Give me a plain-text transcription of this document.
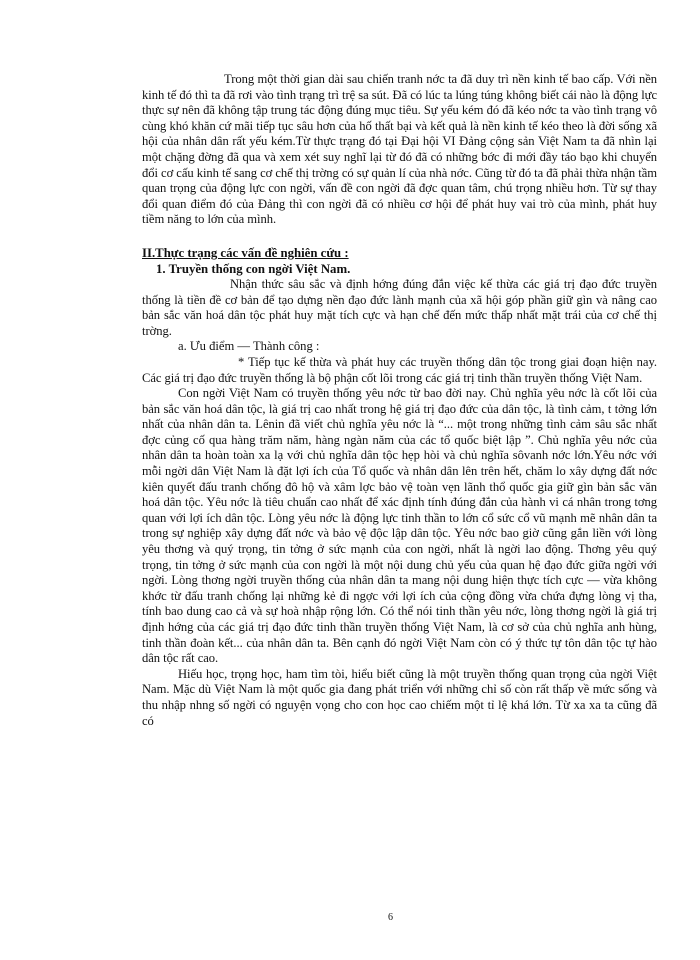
Trong một thời gian dài sau chiến tranh nớc ta đã duy trì nền kinh tế bao cấp. Với nền kinh tế đó thì ta đã rơi vào tình trạng trì trệ sa sút. Đã có lúc ta lúng túng không biết cái nào là động lực thực sự nên đã không tập trung tác động đúng mục tiêu. Sự yếu kém đó đã kéo nớc ta vào tình trạng vô cùng khó khăn cứ mãi tiếp tục sâu hơn của hố thất bại và kết quả là nền kinh tế kéo theo là đời sống xã hội của nhân dân rất yếu kém.Từ thực trạng đó tại Đại hội VI Đảng cộng sản Việt Nam ta đã nhìn lại một chặng đờng đã qua và xem xét suy nghĩ lại từ đó đã có những bớc đi mới đầy táo bạo khi chuyển đổi cơ cấu kinh tế sang cơ chế thị trờng có sự quản lí của nhà nớc. Cũng từ đó ta đã phải thừa nhận tầm quan trọng của động lực con ngời, vấn đề con ngời đã đợc quan tâm, chú trọng nhiều hơn. Từ sự thay đổi quan điểm đó của Đảng thì con ngời đã có nhiều cơ hội để phát huy vai trò của mình, phát huy tiềm năng to lớn của mình.

II.Thực trạng các vấn đề nghiên cứu :

1. Truyền thống con ngời Việt Nam.

Nhận thức sâu sắc và định hớng đúng đắn việc kế thừa các giá trị đạo đức truyền thống là tiền đề cơ bản để tạo dựng nền đạo đức lành mạnh của xã hội góp phần giữ gìn và nâng cao bản sắc văn hoá dân tộc phát huy mặt tích cực và hạn chế đến mức thấp nhất mặt trái của cơ chế thị trờng.

a. Ưu điểm — Thành công :

* Tiếp tục kế thừa và phát huy các truyền thống dân tộc trong giai đoạn hiện nay. Các giá trị đạo đức truyền thống là bộ phận cốt lõi trong các giá trị tinh thần truyền thống Việt Nam.

Con ngời Việt Nam có truyền thống yêu nớc từ bao đời nay. Chủ nghĩa yêu nớc là cốt lõi của bản sắc văn hoá dân tộc, là giá trị cao nhất trong hệ giá trị đạo đức của dân tộc, là tình cảm, t tởng lớn nhất của nhân dân ta. Lênin đã viết chủ nghĩa yêu nớc là “... một trong những tình cảm sâu sắc nhất đợc củng cố qua hàng trăm năm, hàng ngàn năm của các tổ quốc biệt lập ”. Chủ nghĩa yêu nớc của nhân dân ta hoàn toàn xa lạ với chủ nghĩa dân tộc hẹp hòi và chủ nghĩa sôvanh nớc lớn.Yêu nớc với mỗi ngời dân Việt Nam là đặt lợi ích của Tổ quốc và nhân dân lên trên hết, chăm lo xây dựng đất nớc kiên quyết đấu tranh chống đô hộ và xâm lợc bảo vệ toàn vẹn lãnh thổ quốc gia giữ gìn bản sắc văn hoá dân tộc. Yêu nớc là tiêu chuẩn cao nhất để xác định tính đúng đắn của hành vi cá nhân trong tơng quan với lợi ích dân tộc. Lòng yêu nớc là động lực tinh thần to lớn cổ sức cổ vũ mạnh mẽ nhân dân ta trong sự nghiệp xây dựng đất nớc và bảo vệ độc lập dân tộc. Yêu nớc bao giờ cũng gắn liền với lòng yêu thơng và quý trọng, tin tởng ở sức mạnh của con ngời, nhất là ngời lao động. Thơng yêu quý trọng, tin tởng ở sức mạnh của con ngời là một nội dung chủ yếu của quan hệ đạo đức giữa ngời với ngời. Lòng thơng ngời truyền thống của nhân dân ta mang nội dung hiện thực tích cực — vừa không khớc từ đấu tranh chống lại những kẻ đi ngợc với lợi ích của cộng đồng vừa chứa đựng lòng vị tha, tính bao dung cao cả và sự hoà nhập rộng lớn. Có thể nói tinh thần yêu nớc, lòng thơng ngời là giá trị định hớng của các giá trị đạo đức tinh thần truyền thống Việt Nam, là cơ sở của chủ nghĩa anh hùng, tinh thần đoàn kết... của nhân dân ta. Bên cạnh đó ngời Việt Nam còn có ý thức tự tôn dân tộc tự hào dân tộc rất cao.

Hiếu học, trọng học, ham tìm tòi, hiểu biết cũng là một truyền thống quan trọng của ngời Việt Nam. Mặc dù Việt Nam là một quốc gia đang phát triển với những chỉ số còn rất thấp về mức sống và thu nhập nhng số ngời có nguyện vọng cho con học cao chiếm một tỉ lệ khá lớn. Từ xa xa ta cũng đã có

6
